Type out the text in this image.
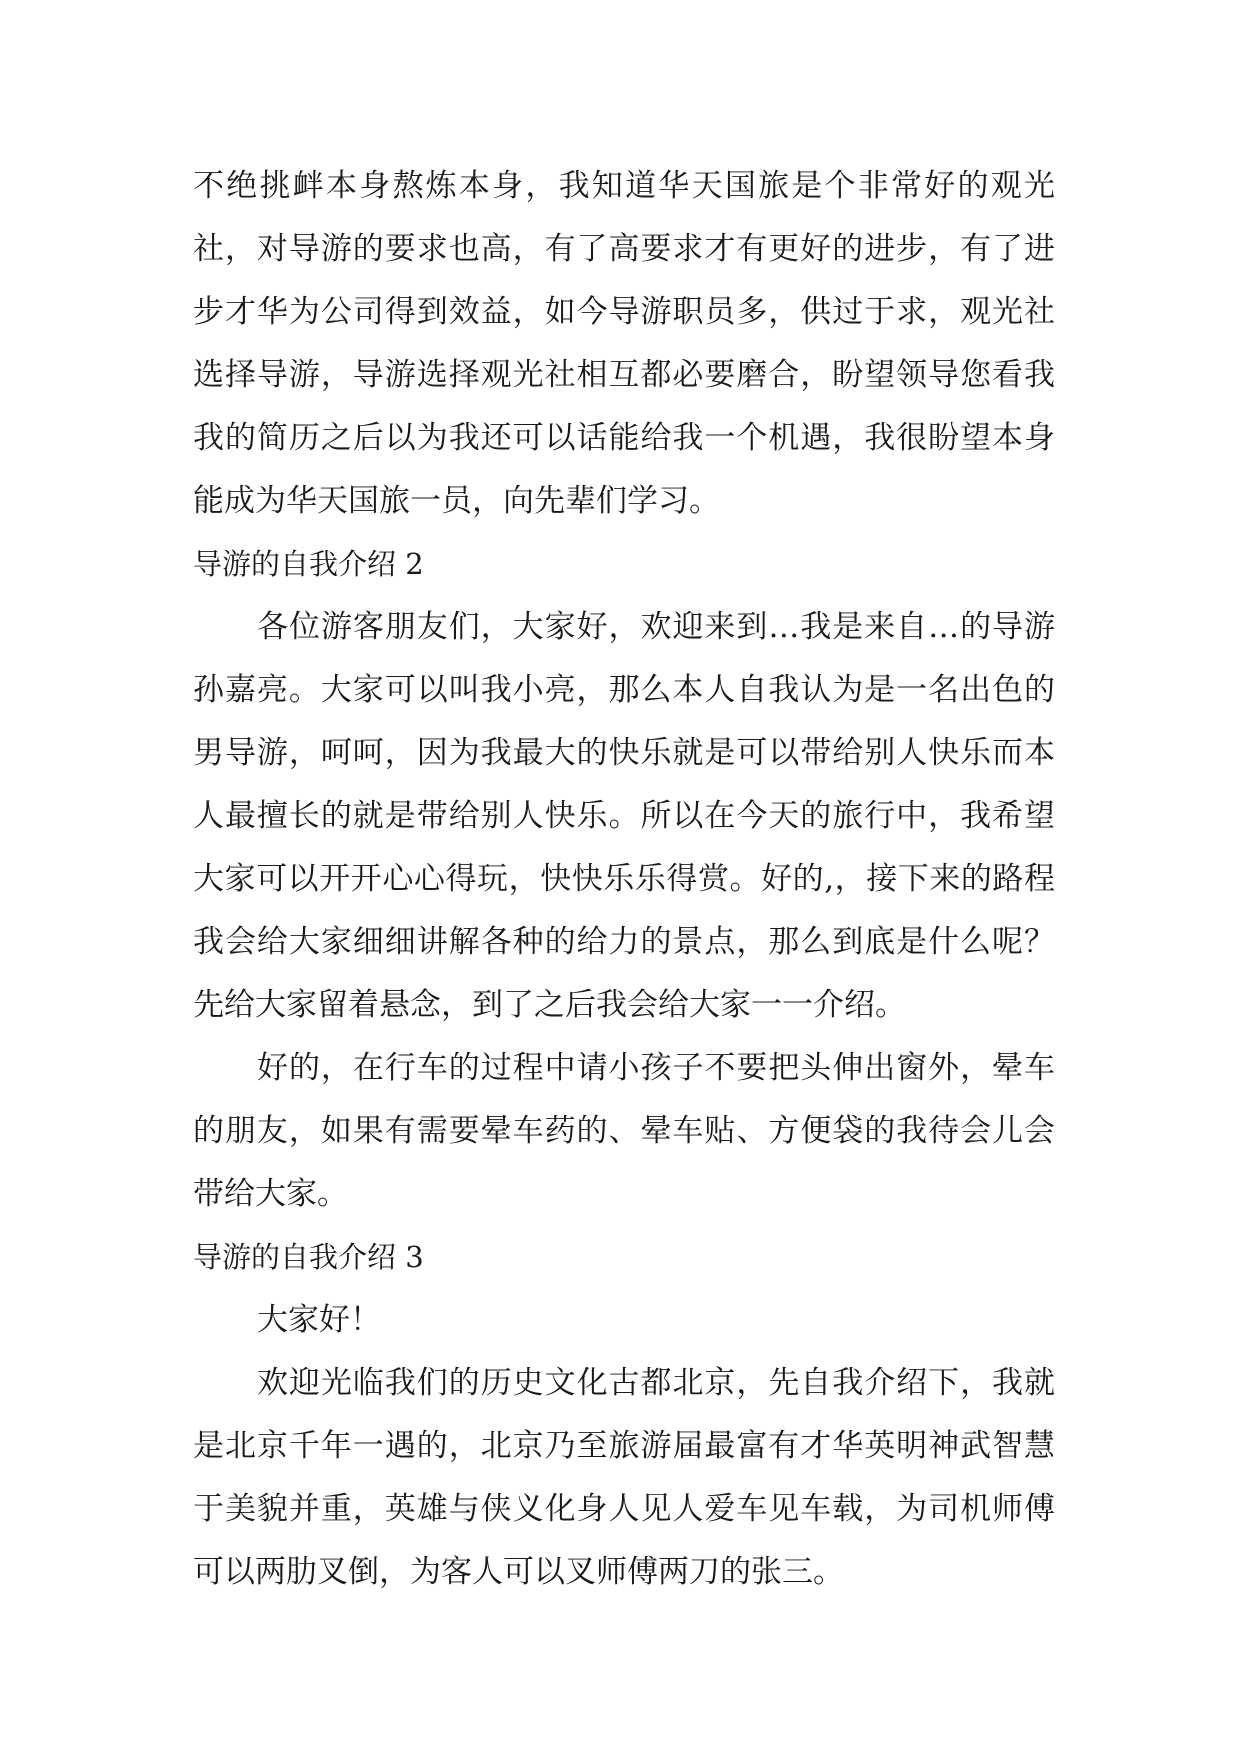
不绝挑衅本身熬炼本身，我知道华天国旅是个非常好的观光社，对导游的要求也高，有了高要求才有更好的进步，有了进步才华为公司得到效益，如今导游职员多，供过于求，观光社选择导游，导游选择观光社相互都必要磨合，盼望领导您看我我的简历之后以为我还可以话能给我一个机遇，我很盼望本身能成为华天国旅一员，向先辈们学习。

导游的自我介绍 2

各位游客朋友们，大家好，欢迎来到…我是来自…的导游孙嘉亮。大家可以叫我小亮，那么本人自我认为是一名出色的男导游，呵呵，因为我最大的快乐就是可以带给别人快乐而本人最擅长的就是带给别人快乐。所以在今天的旅行中，我希望大家可以开开心心得玩，快快乐乐得赏。好的,，接下来的路程我会给大家细细讲解各种的给力的景点，那么到底是什么呢？先给大家留着悬念，到了之后我会给大家一一介绍。

好的，在行车的过程中请小孩子不要把头伸出窗外，晕车的朋友，如果有需要晕车药的、晕车贴、方便袋的我待会儿会带给大家。

导游的自我介绍 3

大家好！

欢迎光临我们的历史文化古都北京，先自我介绍下，我就是北京千年一遇的，北京乃至旅游届最富有才华英明神武智慧于美貌并重，英雄与侠义化身人见人爱车见车载，为司机师傅可以两肋叉倒，为客人可以叉师傅两刀的张三。
